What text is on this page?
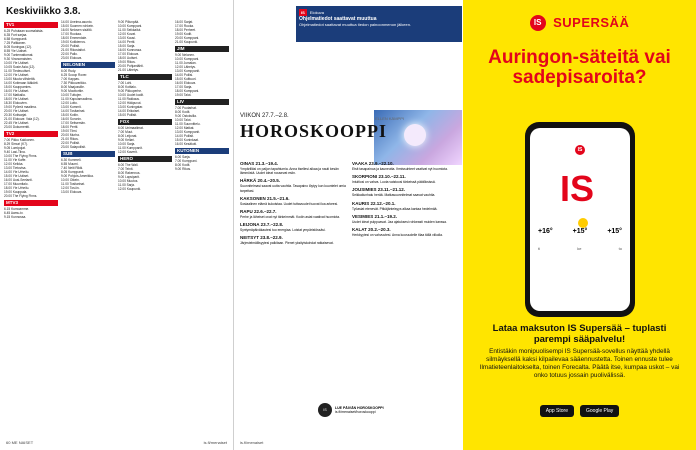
Keskiviikko 3.8.
TV1
6.25 Puhutaan suomalaisia.
6.35 Fort sarjaa.
6.58 Kumppanit.
7.25 Paltkanen.
8.05 Kuningas (12).
8.55 Yle Uutiset.
9.00 Tuntemattomat.
9.30 Viranomaisten.
10.00 Yle Uutiset.
10.05 Susie Asia (12).
11.00 Tiedeuutiset.
12.00 Yle Uutiset.
13.00 Muuta viihdettä.
14.00 Kotimaan lääkärit.
15.00 Kauppamies.
16.00 Yle Uutiset.
17.00 Matkalla.
18.00 Yle Uutiset.
18.30 Elokuvien.
19.00 Pyöreä maailma.
20.00 Yle Uutiset.
20.30 Kotisarjat.
21.00 Elokuva: Vala (12).
22.45 Yle Uutiset.
23.00 Dokumentti.
TV2
7.00 Pikku Kakkonen.
8.29 Simuri (K7).
9.05 Lumipojat.
9.40 Lasi-Tiina.
10.00 The Flying Finns.
11.00 Yle Kaffe.
12.00 Keikka.
13.00 Tietovisa.
14.00 Yle Urheilu.
15.00 Yle Uutiset.
16.00 Uusi-Seelanti.
17.00 Muumitalo.
18.00 Yle Urheilu.
19.00 Kauppala.
20.00 The Flying Finns.
MTV3
6.15 Kumoamme.
6.45 Aamu-tv.
9.15 Kunnossa.
14.00 Unelma-asunto.
15.00 Suomen rohkein.
16.00 Nelosen sisältö.
17.00 Ruokaa.
18.00 Emmerdale.
19.00 Kotikierros.
20.00 Poliisit.
21.00 Rikostaitot.
22.00 Pallo.
23.00 Elokuva.
NELONEN
6.00 Rudy.
6.25 Scoop Rover.
7.00 Kappas.
7.30 Pikkuvarikko.
8.00 Maajussille.
9.00 Moottoritie.
10.00 Tuttujen.
11.00 Kapulamaailma.
12.00 Lotto.
13.00 Kummit.
14.00 Tositarinat.
15.00 Kotiin.
16.00 Soronin.
17.00 Seitsemän.
18.00 Pertti.
19.00 Tiimi.
20.00 Murha.
21.00 Rikos.
22.00 Poliisit.
23.00 Salapoliisit.
SUB
6.30 Kummeli.
6.55 Muumi.
7.40 Neiti Rikki.
8.05 Kumppanit.
9.00 Pohjois-Amerikka.
10.00 Oikein.
11.00 Tositarinat.
12.00 Tosi-tv.
13.00 Elokuva.
9.00 Pillunpää.
10.00 Kumppani.
11.00 Seikkailut.
12.00 Kuvat.
13.00 Kausi.
14.00 Pertti.
15.00 Sarja.
16.00 Kunnossa.
17.00 Elokuva.
18.00 Uutiset.
19.00 Rikos.
20.00 Pohjantähti.
21.00 Lähetys.
TLC
7.00 Lohi.
8.00 Kotitalo.
9.00 Pikkuperhe.
10.00 Uudet kodit.
11.00 Rakkaus.
12.00 Hääpuvut.
13.00 Kuningatar.
14.00 Erikoiset.
15.00 Poliisit.
FOX
6.00 Unimaailmat.
7.00 Muut.
8.00 Leijonat.
9.00 Kellari.
10.00 Sarja.
11.00 Kumppanit.
12.00 Kaverit.
HERO
6.00 The Wall.
7.00 Teinit.
8.00 Rakennus.
9.00 Lapsiparit.
10.00 Muutos.
11.00 Sarja.
12.00 Kaupunki.
16.00 Sarjat.
17.00 Ruoka.
18.00 Perheet.
19.00 Kodit.
20.00 Kumppani.
21.00 Kaupunki.
JIM
9.00 Nelonen.
10.00 Kumppani.
11.00 Jumalan.
12.00 Lähetys.
13.00 Kumppanit.
14.00 Poliisi.
15.00 Kulttuuri.
16.00 Elokuva.
17.00 Sarja.
18.00 Kumppani.
19.00 Talot.
LIV
7.00 Puutarhat.
8.00 Kodit.
9.00 Ostoksilla.
10.00 Talot.
11.00 Suunnittelu.
12.00 Matkat.
13.00 Kumppanit.
14.00 Poliisit.
15.00 Kuninkaat.
16.00 Kesäkoti.
KUTONEN
6.00 Sarja.
7.00 Kumppani.
8.00 Kodit.
9.00 Rikos.
60 ME NAISET	is.fi/menaiset
IS	Elokuva
Ohjelmatiedot saattavat muuttua
Ohjelmatiedot saattavat muuttua tiedon painoonmenon jälkeen.
VIIKON 27.7.–2.8.	ELLEN KÄMPPI
HOROSKOOPPI
OINAS 21.3.–19.4.
Ympärilläsi on paljon tapahtumia. Anna itsellesi aikaa ja nauti kesän lämmöstä. Uudet ideat nousevat esiin.
HÄRKÄ 20.4.–20.5.
Suunnitelmasi saavat uutta vauhtia. Tasapaino löytyy kun kuuntelet omia tarpeitasi.
KAKSONEN 21.5.–21.6.
Sosiaalinen elämä kukoistaa. Uudet tuttavuudet tuovat iloa arkeesi.
RAPU 22.6.–22.7.
Perhe ja läheiset ovat nyt tärkeimmät. Kodin asiat vaativat huomiota.
LEIJONA 23.7.–22.8.
Syntymäpäiväkautesi tuo energiaa. Loistat ympäristössäsi.
NEITSYT 23.8.–22.9.
Järjestelmällisyytesi palkitaan. Pienet yksityiskohdat ratkaisevat.
VAAKA 23.9.–22.10.
Etsit tasapainoa ja kauneutta. Ihmissuhteet vaativat nyt huomiota.
SKORPIONI 23.10.–22.11.
Intuitiosi on vahva. Luota vaistoosi tärkeissä päätöksissä.
JOUSIMIES 23.11.–21.12.
Seikkailunhalu herää. Matkasuunnitelmat saavat vauhtia.
KAURIS 22.12.–20.1.
Työasiat etenevät. Pitkäjänteisyys alkaa kantaa hedelmää.
VESIMIES 21.1.–19.2.
Uudet ideat pulppuavat. Jaa ajatuksesi rohkeasti muiden kanssa.
KALAT 20.2.–20.3.
Herkkyytesi on vahvuutesi. Anna luovuudelle tilaa tällä viikolla.
IS	LUE PÄIVÄN HOROSKOOPPI
is.fi/menaiset/horoskooppi
is.fi/menaiset
IS SUPERSÄÄ
Auringon-säteitä vai sadepisaroita?
IS
IS
+16°	+15°	+15°
ti	ke	to
Lataa maksuton IS Supersää – tuplasti parempi sääpalvelu!
Entistäkin monipuolisempi IS Supersää-sovellus näyttää yhdellä silmäyksellä kaksi kilpailevaa sääennustetta. Toinen ennuste tulee Ilmatieteenlaitokselta, toinen Forecalta. Päätä itse, kumpaa uskot – vai onko totuus jossain puolivälissä.
App Store	Google Play
